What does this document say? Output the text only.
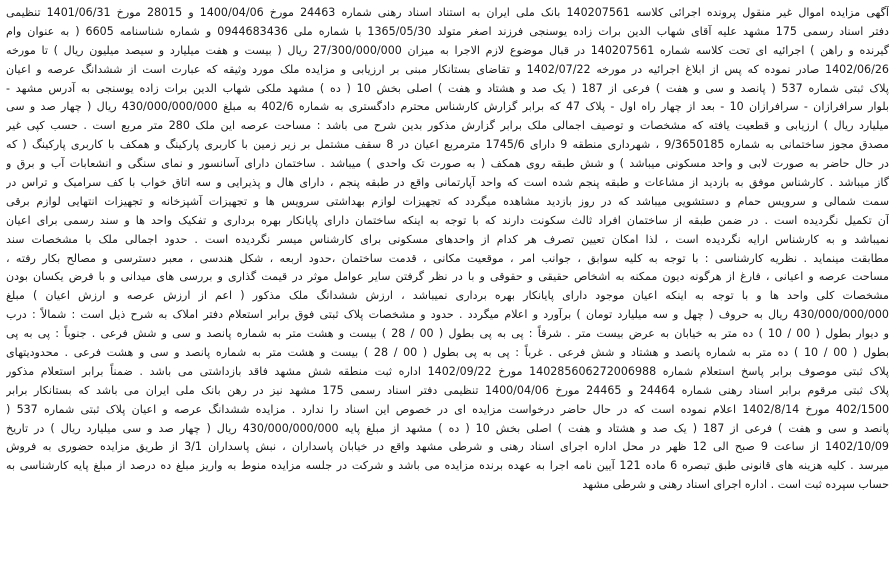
آگهی مزایده اموال غیر منقول پرونده اجرائی کلاسه 140207561 بانک ملی ایران به استناد اسناد رهنی شماره 24463 مورخ 1400/04/06 و 28015 مورخ 1401/06/31 تنظیمی
دفتر اسناد رسمی 175 مشهد علیه آقای شهاب الدین برات زاده یوسنجی فرزند اصغر متولد 1365/05/30 با شماره ملی 0944683436 و شماره شناسنامه 6605 ( به عنوان وام
گیرنده و راهن ) اجرائیه ای تحت کلاسه شماره 140207561 در قبال موضوع لازم الاجرا به میزان 27/300/000/000 ریال ( بیست و هفت میلیارد و سیصد میلیون ریال ) تا مورخه
1402/06/26 صادر نموده که پس از ابلاغ اجرائیه در مورخه 1402/07/22 و تقاضای بستانکار مبنی بر ارزیابی و مزایده ملک مورد وثیقه که عبارت است از ششدانگ عرصه و اعیان
پلاک ثبتی شماره 537 ( پانصد و سی و هفت ) فرعی از 187 ( یک صد و هشتاد و هفت ) اصلی بخش 10 ( ده ) مشهد ملکی شهاب الدین برات زاده یوسنجی به آدرس مشهد -
بلوار سرافرازان - سرافرازان 10 - بعد از چهار راه اول - پلاک 47 که برابر گزارش کارشناس محترم دادگستری به شماره 402/6 به مبلغ 430/000/000/000 ریال ( چهار صد و سی
میلیارد ریال ) ارزیابی و قطعیت یافته که مشخصات و توصیف اجمالی ملک برابر گزارش مذکور بدین شرح می باشد : مساحت عرصه این ملک 280 متر مربع است . حسب کپی غیر
مصدق مجوز ساختمانی به شماره 9/3650185 ، شهرداری منطقه 9 دارای 1745/6 مترمربع اعیان در 8 سقف مشتمل بر زیر زمین با کاربری پارکینگ و همکف با کاربری پارکینگ ( که
در حال حاضر به صورت لابی و واحد مسکونی میباشد ) و شش طبقه روی همکف ( به صورت تک واحدی ) میباشد . ساختمان دارای آسانسور و نمای سنگی و انشعابات آب و برق و
گاز میباشد . کارشناس موفق به بازدید از مشاعات و طبقه پنجم شده است که واحد آپارتمانی واقع در طبقه پنجم ، دارای هال و پذیرایی و سه اتاق خواب با کف سرامیک و تراس در
سمت شمالی و سرویس حمام و دستشویی میباشد که در روز بازدید مشاهده میگردد که تجهیزات لوازم بهداشتی سرویس ها و تجهیزات آشپزخانه و تجهیزات انتهایی لوازم برقی
آن تکمیل نگردیده است . در ضمن طبقه از ساختمان افراد ثالث سکونت دارند که با توجه به اینکه ساختمان دارای پایانکار بهره برداری و تفکیک واحد ها و سند رسمی برای اعیان
نمیباشد و به کارشناس ارایه نگردیده است ، لذا امکان تعیین تصرف هر کدام از واحدهای مسکونی برای کارشناس میسر نگردیده است . حدود اجمالی ملک با مشخصات سند
مطابقت مینماید . نظریه کارشناسی : با توجه به کلیه سوابق ، جوانب امر ، موقعیت مکانی ، قدمت ساختمان ،حدود اربعه ، شکل هندسی ، معبر دسترسی و مصالح بکار رفته ،
مساحت عرصه و اعیانی ، فارغ از هرگونه دیون ممکنه به اشخاص حقیقی و حقوقی و با در نظر گرفتن سایر عوامل موثر در قیمت گذاری و بررسی های میدانی و با فرض یکسان بودن
مشخصات کلی واحد ها و با توجه به اینکه اعیان موجود دارای پایانکار بهره برداری نمیباشد ، ارزش ششدانگ ملک مذکور ( اعم از ارزش عرصه و ارزش اعیان ) مبلغ
430/000/000/000 ریال به حروف ( چهل و سه میلیارد تومان ) برآورد و اعلام میگردد . حدود و مشخصات پلاک ثبتی فوق برابر استعلام دفتر املاک به شرح ذیل است : شمالاً : درب
و دیوار بطول ( 00 / 10 ) ده متر به خیابان به عرض بیست متر . شرقاً : پی به پی بطول ( 00 / 28 ) بیست و هشت متر به شماره پانصد و سی و شش فرعی . جنوباً : پی به پی
بطول ( 00 / 10 ) ده متر به شماره پانصد و هشتاد و شش فرعی . غرباً : پی به پی بطول ( 00 / 28 ) بیست و هشت متر به شماره پانصد و سی و هشت فرعی . محدودیتهای
پلاک ثبتی موصوف برابر پاسخ استعلام شماره 140285606272006988 مورخ 1402/09/22 اداره ثبت منطقه شش مشهد فاقد بازداشتی می باشد . ضمناً برابر استعلام مذکور
پلاک ثبتی مرقوم برابر اسناد رهنی شماره 24464 و 24465 مورخ 1400/04/06 تنظیمی دفتر اسناد رسمی 175 مشهد نیز در رهن بانک ملی ایران می باشد که بستانکار برابر
402/1500 مورخ 1402/8/14 اعلام نموده است که در حال حاضر درخواست مزایده ای در خصوص این اسناد را ندارد . مزایده ششدانگ عرصه و اعیان پلاک ثبتی شماره 537 (
پانصد و سی و هفت ) فرعی از 187 ( یک صد و هشتاد و هفت ) اصلی بخش 10 ( ده ) مشهد از مبلغ پایه 430/000/000/000 ریال ( چهار صد و سی میلیارد ریال ) در تاریخ
1402/10/09 از ساعت 9 صبح الی 12 ظهر در محل اداره اجرای اسناد رهنی و شرطی مشهد واقع در خیابان پاسداران ، نبش پاسداران 3/1 از طریق مزایده حضوری به فروش
میرسد . کلیه هزینه های قانونی طبق تبصره 6 ماده 121 آیین نامه اجرا به عهده برنده مزایده می باشد و شرکت در جلسه مزایده منوط به واریز مبلغ ده درصد از مبلغ پایه کارشناسی به
حساب سپرده ثبت است . اداره اجرای اسناد رهنی و شرطی مشهد
